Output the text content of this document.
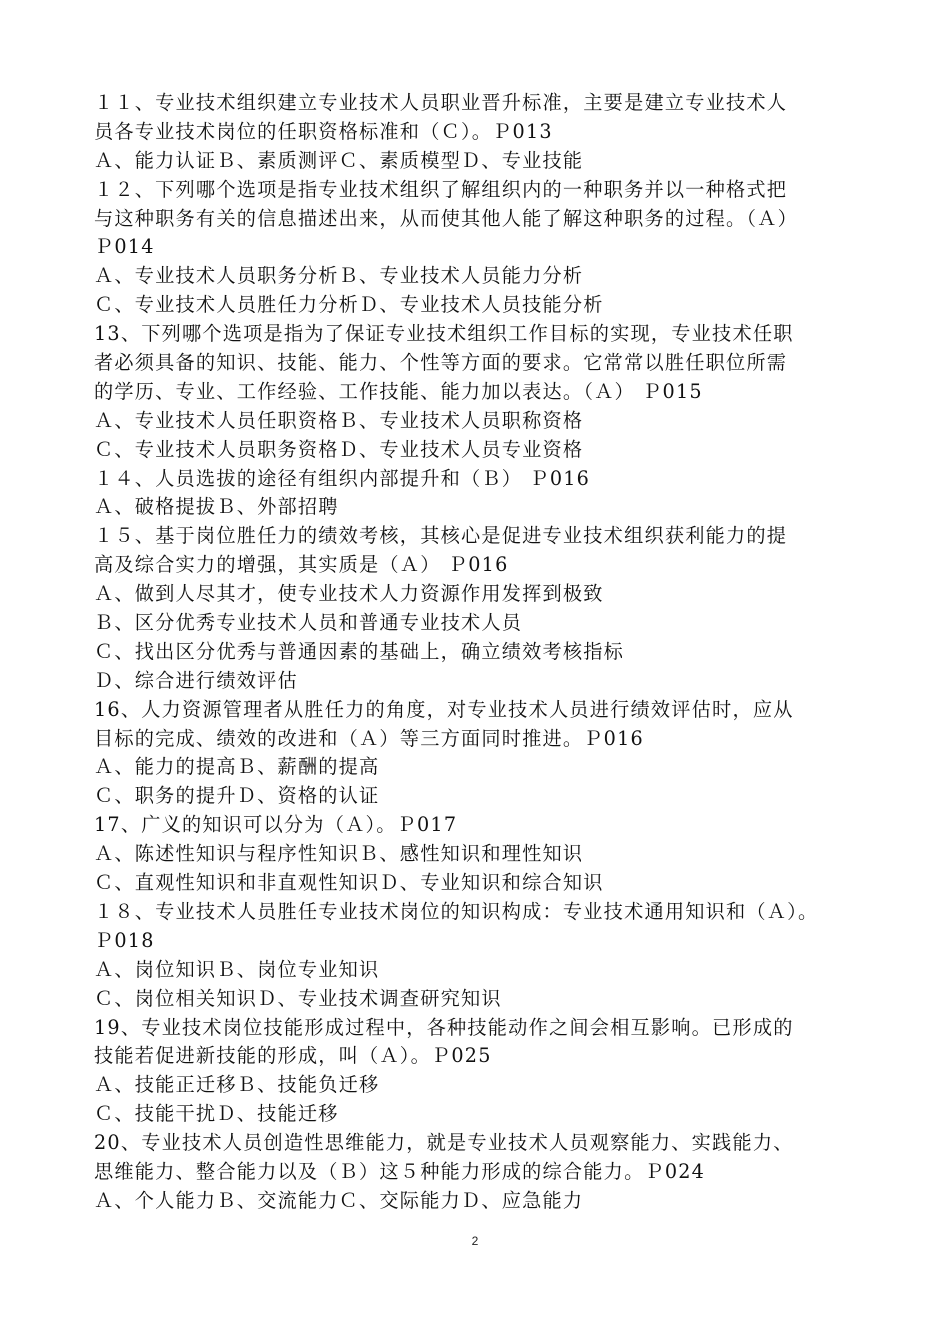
１１、专业技术组织建立专业技术人员职业晋升标准，主要是建立专业技术人
员各专业技术岗位的任职资格标准和（Ｃ）。Ｐ013
Ａ、能力认证Ｂ、素质测评Ｃ、素质模型Ｄ、专业技能
１２、下列哪个选项是指专业技术组织了解组织内的一种职务并以一种格式把
与这种职务有关的信息描述出来，从而使其他人能了解这种职务的过程。（Ａ）
Ｐ014
Ａ、专业技术人员职务分析Ｂ、专业技术人员能力分析
Ｃ、专业技术人员胜任力分析Ｄ、专业技术人员技能分析
13、下列哪个选项是指为了保证专业技术组织工作目标的实现，专业技术任职
者必须具备的知识、技能、能力、个性等方面的要求。它常常以胜任职位所需
的学历、专业、工作经验、工作技能、能力加以表达。（Ａ） Ｐ015
Ａ、专业技术人员任职资格Ｂ、专业技术人员职称资格
Ｃ、专业技术人员职务资格Ｄ、专业技术人员专业资格
１４、人员选拔的途径有组织内部提升和（Ｂ） Ｐ016
Ａ、破格提拔Ｂ、外部招聘
１５、基于岗位胜任力的绩效考核，其核心是促进专业技术组织获利能力的提
高及综合实力的增强，其实质是（Ａ） Ｐ016
Ａ、做到人尽其才，使专业技术人力资源作用发挥到极致
Ｂ、区分优秀专业技术人员和普通专业技术人员
Ｃ、找出区分优秀与普通因素的基础上，确立绩效考核指标
Ｄ、综合进行绩效评估
16、人力资源管理者从胜任力的角度，对专业技术人员进行绩效评估时，应从
目标的完成、绩效的改进和（Ａ）等三方面同时推进。Ｐ016
Ａ、能力的提高Ｂ、薪酬的提高
Ｃ、职务的提升Ｄ、资格的认证
17、广义的知识可以分为（Ａ）。Ｐ017
Ａ、陈述性知识与程序性知识Ｂ、感性知识和理性知识
Ｃ、直观性知识和非直观性知识Ｄ、专业知识和综合知识
１８、专业技术人员胜任专业技术岗位的知识构成：专业技术通用知识和（Ａ）。
Ｐ018
Ａ、岗位知识Ｂ、岗位专业知识
Ｃ、岗位相关知识Ｄ、专业技术调查研究知识
19、专业技术岗位技能形成过程中，各种技能动作之间会相互影响。已形成的
技能若促进新技能的形成，叫（Ａ）。Ｐ025
Ａ、技能正迁移Ｂ、技能负迁移
Ｃ、技能干扰Ｄ、技能迁移
20、专业技术人员创造性思维能力，就是专业技术人员观察能力、实践能力、
思维能力、整合能力以及（Ｂ）这５种能力形成的综合能力。Ｐ024
Ａ、个人能力Ｂ、交流能力Ｃ、交际能力Ｄ、应急能力
2
